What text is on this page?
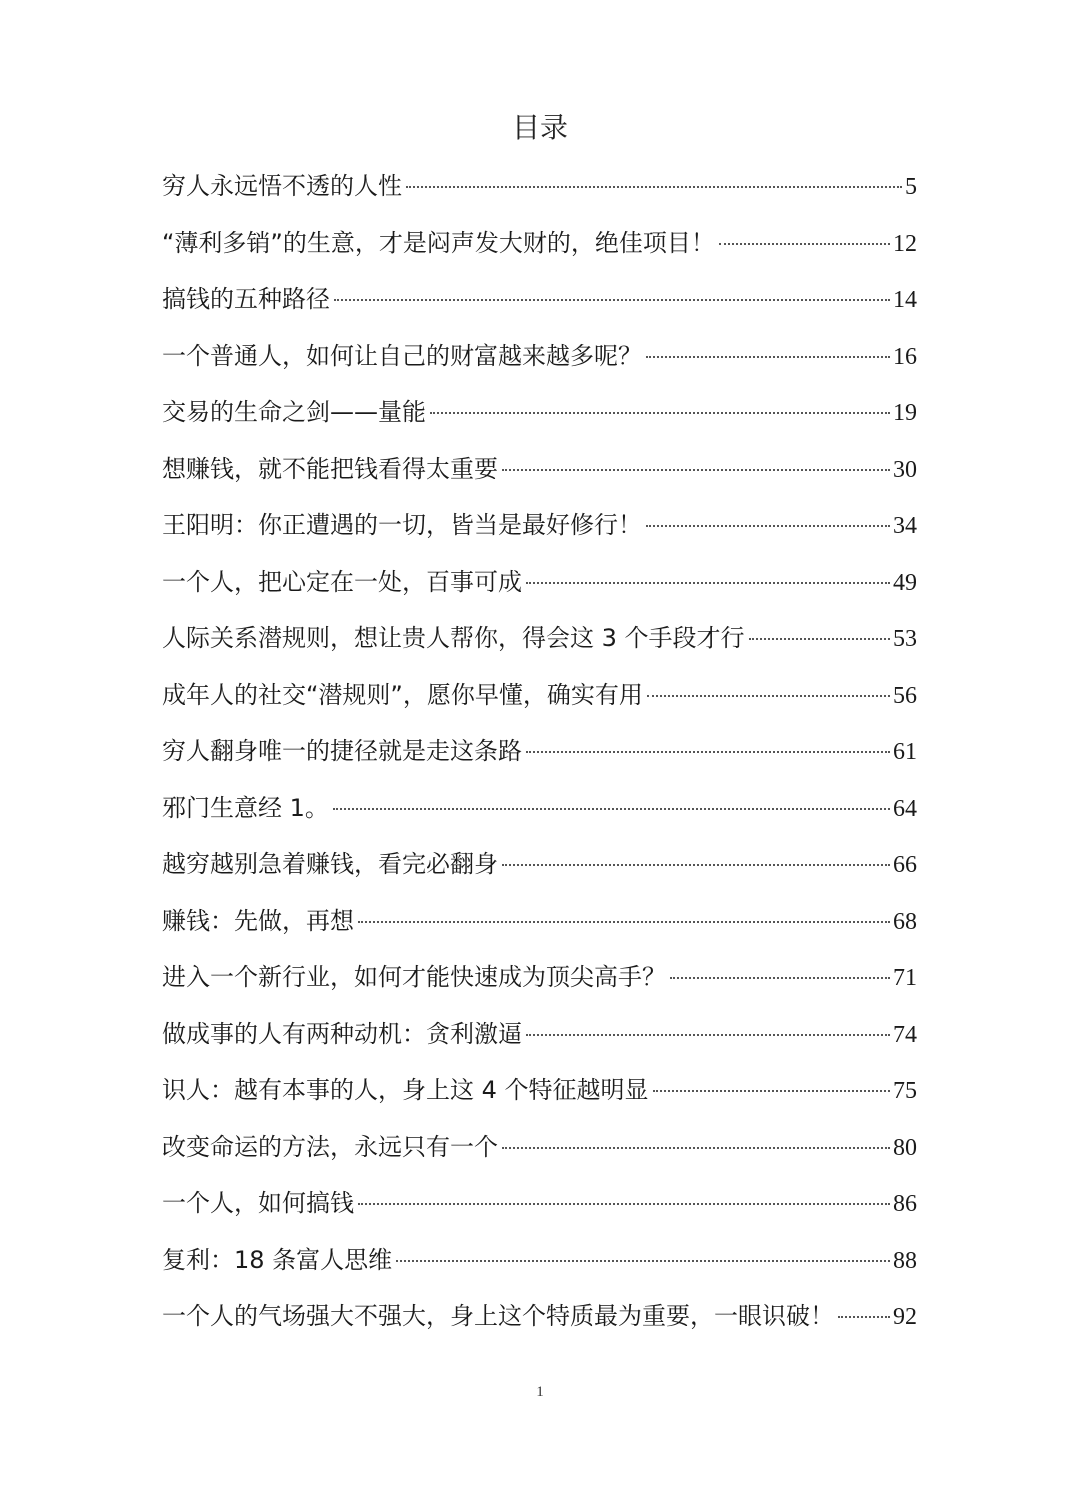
目录
穷人永远悟不透的人性	5
“薄利多销”的生意，才是闷声发大财的，绝佳项目！	12
搞钱的五种路径	14
一个普通人，如何让自己的财富越来越多呢？	16
交易的生命之剑——量能	19
想赚钱，就不能把钱看得太重要	30
王阳明：你正遭遇的一切，皆当是最好修行！	34
一个人，把心定在一处，百事可成	49
人际关系潜规则，想让贵人帮你，得会这 3 个手段才行	53
成年人的社交“潜规则”，愿你早懂，确实有用	56
穷人翻身唯一的捷径就是走这条路	61
邪门生意经 1。	64
越穷越别急着赚钱，看完必翻身	66
赚钱：先做，再想	68
进入一个新行业，如何才能快速成为顶尖高手？	71
做成事的人有两种动机：贪利激逼	74
识人：越有本事的人，身上这 4 个特征越明显	75
改变命运的方法，永远只有一个	80
一个人，如何搞钱	86
复利：18 条富人思维	88
一个人的气场强大不强大，身上这个特质最为重要，一眼识破！ 92
1
